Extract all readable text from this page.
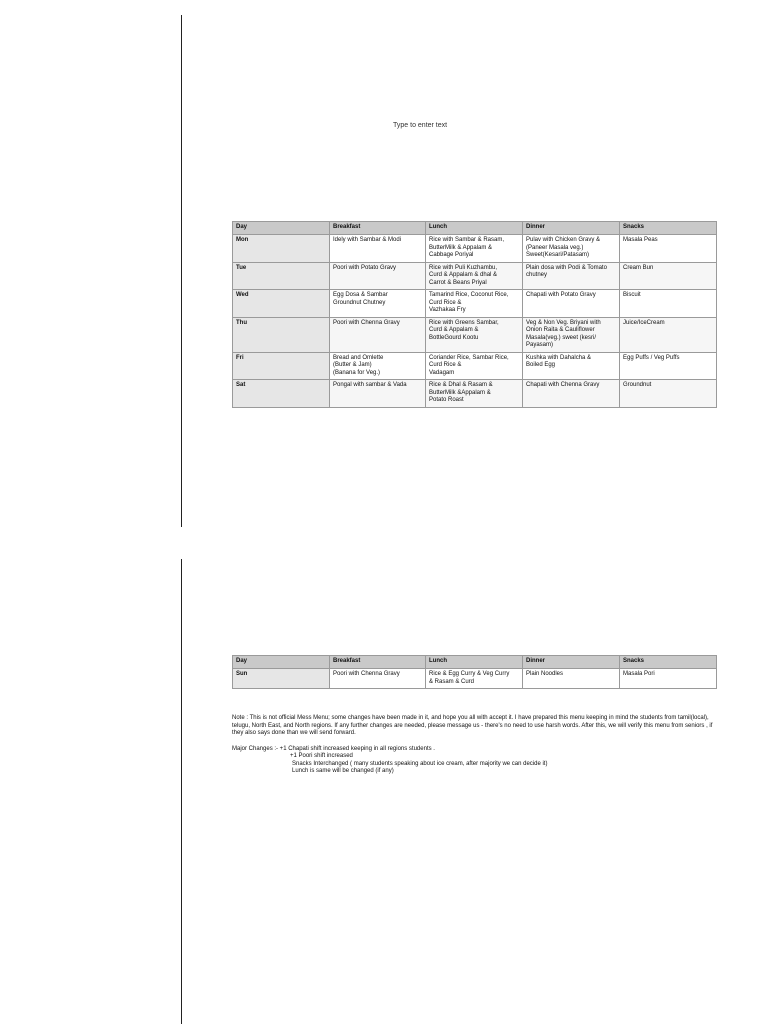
Type to enter text
Day	Breakfast	Lunch	Dinner	Snacks
Mon	Idely with Sambar & Modi	Rice with Sambar & Rasam,
ButterMilk & Appalam &
Cabbage Poriyal	Pulav with Chicken Gravy &
(Paneer Masala veg.)
Sweet(Kesari/Patasam)	Masala Peas

Tue	Poori with Potato Gravy	Rice with Puli Kuzhambu,
Curd & Appalam & dhal &
Carrot & Beans Priyal	Plain dosa with Podi & Tomato
chutney	Cream Bun

Wed	Egg Dosa & Sambar
Groundnut Chutney	Tamarind Rice, Coconut Rice,
Curd Rice &
Vazhakaa Fry	Chapati with Potato Gravy	Biscuit

Thu	Poori with Chenna Gravy	Rice with Greens Sambar,
Curd & Appalam &
BottleGourd Kootu	Veg & Non Veg. Briyani with
Onion Raita & Cauliflower
Masala(veg.) sweet (kesri/
Payasam)	Juice/IceCream

Fri	Bread and Omlette
(Butter & Jam)
(Banana for Veg.)	Coriander Rice, Sambar Rice,
Curd Rice &
Vadagam	Kushka with Dahalcha &
Boiled Egg	Egg Puffs / Veg Puffs

Sat	Pongal with sambar & Vada	Rice & Dhal & Rasam &
ButterMilk &Appalam &
Potato Roast	Chapati with Chenna Gravy	Groundnut
Day	Breakfast	Lunch	Dinner	Snacks
Sun	Poori with Chenna Gravy	Rice & Egg Curry & Veg Curry
& Rasam & Curd	Plain Noodles	Masala Pori

Note : This is not official Mess Menu; some changes have been made in it, and hope you all with accept it. I have prepared this menu keeping in mind the students from tamil(local), telugu, North East, and North regions. If any further changes are needed, please message us - there's no need to use harsh words. After this, we will verify this menu from seniors , if they also says done than we will send forward.

Major Changes :- +1 Chapati shift increased keeping in all regions students .
+1 Poori shift increased
Snacks Interchanged ( many students speaking about ice cream, after majority we can decide it)
Lunch is same will be changed (if any)
